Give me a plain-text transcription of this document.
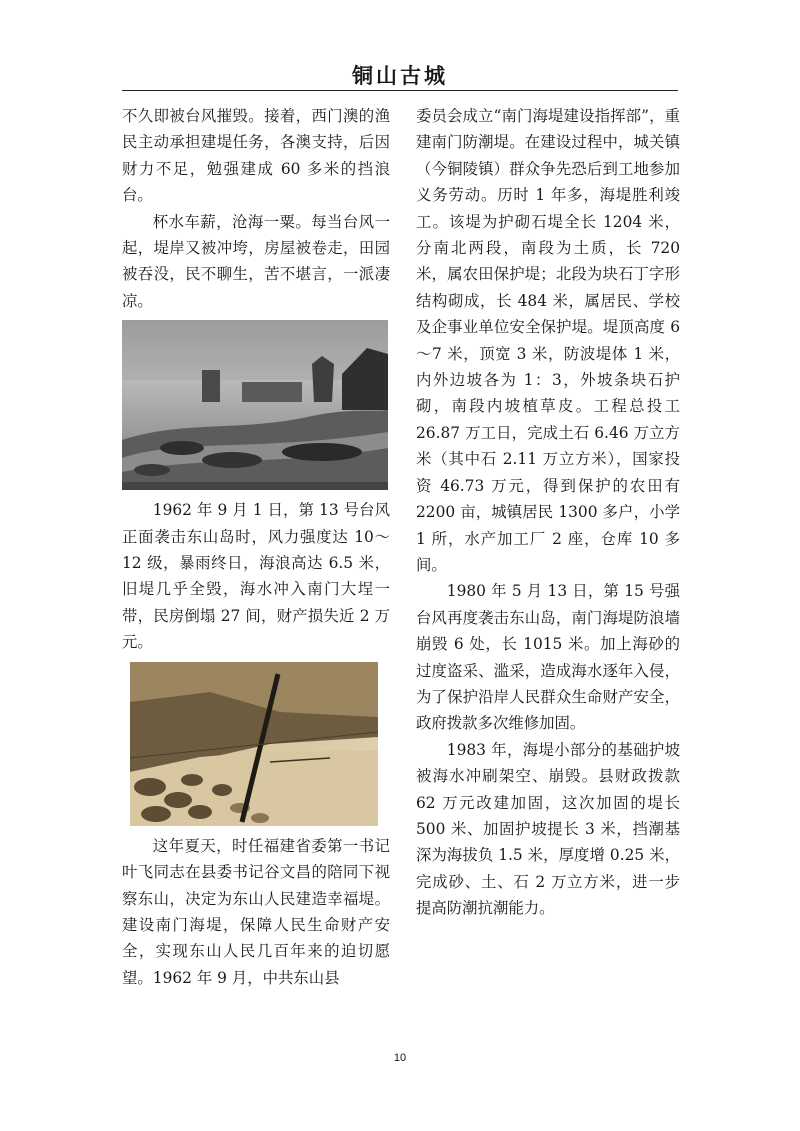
铜山古城

不久即被台风摧毁。接着，西门澳的渔民主动承担建堤任务，各澳支持，后因财力不足，勉强建成 60 多米的挡浪台。

杯水车薪，沧海一粟。每当台风一起，堤岸又被冲垮，房屋被卷走，田园被吞没，民不聊生，苦不堪言，一派凄凉。

1962 年 9 月 1 日，第 13 号台风正面袭击东山岛时，风力强度达 10～12 级，暴雨终日，海浪高达 6.5 米，旧堤几乎全毁，海水冲入南门大埕一带，民房倒塌 27 间，财产损失近 2 万元。

这年夏天，时任福建省委第一书记叶飞同志在县委书记谷文昌的陪同下视察东山，决定为东山人民建造幸福堤。建设南门海堤，保障人民生命财产安全，实现东山人民几百年来的迫切愿望。1962 年 9 月，中共东山县

委员会成立“南门海堤建设指挥部”，重建南门防潮堤。在建设过程中，城关镇（今铜陵镇）群众争先恐后到工地参加义务劳动。历时 1 年多，海堤胜利竣工。该堤为护砌石堤全长 1204 米，分南北两段，南段为土质，长 720 米，属农田保护堤；北段为块石丁字形结构砌成，长 484 米，属居民、学校及企事业单位安全保护堤。堤顶高度 6～7 米，顶宽 3 米，防波堤体 1 米，内外边坡各为 1：3，外坡条块石护砌，南段内坡植草皮。工程总投工 26.87 万工日，完成土石 6.46 万立方米（其中石 2.11 万立方米），国家投资 46.73 万元，得到保护的农田有 2200 亩，城镇居民 1300 多户，小学 1 所，水产加工厂 2 座，仓库 10 多间。

1980 年 5 月 13 日，第 15 号强台风再度袭击东山岛，南门海堤防浪墙崩毁 6 处，长 1015 米。加上海砂的过度盗采、滥采，造成海水逐年入侵，为了保护沿岸人民群众生命财产安全，政府拨款多次维修加固。

1983 年，海堤小部分的基础护坡被海水冲刷架空、崩毁。县财政拨款 62 万元改建加固，这次加固的堤长 500 米、加固护坡提长 3 米，挡潮基深为海拔负 1.5 米，厚度增 0.25 米，完成砂、土、石 2 万立方米，进一步提高防潮抗潮能力。

10
